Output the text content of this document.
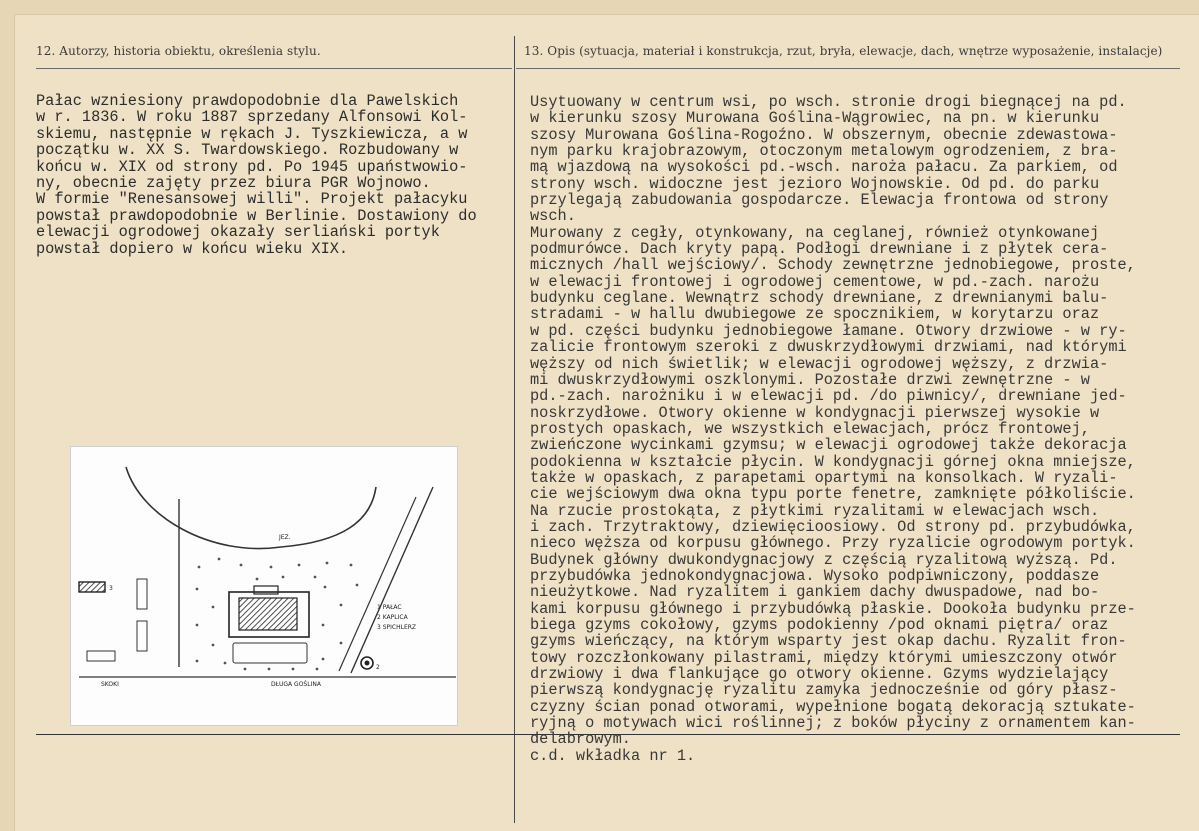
12. Autorzy, historia obiektu, określenia stylu.	13. Opis (sytuacja, materiał i konstrukcja, rzut, bryła, elewacje, dach, wnętrze wyposażenie, instalacje)
Pałac wzniesiony prawdopodobnie dla Pawelskich
w r. 1836. W roku 1887 sprzedany Alfonsowi Kol-
skiemu, następnie w rękach J. Tyszkiewicza, a w
początku w. XX S. Twardowskiego. Rozbudowany w
końcu w. XIX od strony pd. Po 1945 upaństwowio-
ny, obecnie zajęty przez biura PGR Wojnowo.
W formie "Renesansowej willi". Projekt pałacyku
powstał prawdopodobnie w Berlinie. Dostawiony do
elewacji ogrodowej okazały serliański portyk
powstał dopiero w końcu wieku XIX.
Usytuowany w centrum wsi, po wsch. stronie drogi biegnącej na pd.
w kierunku szosy Murowana Goślina-Wągrowiec, na pn. w kierunku
szosy Murowana Goślina-Rogoźno. W obszernym, obecnie zdewastowa-
nym parku krajobrazowym, otoczonym metalowym ogrodzeniem, z bra-
mą wjazdową na wysokości pd.-wsch. naroża pałacu. Za parkiem, od
strony wsch. widoczne jest jezioro Wojnowskie. Od pd. do parku
przylegają zabudowania gospodarcze. Elewacja frontowa od strony
wsch.
Murowany z cegły, otynkowany, na ceglanej, również otynkowanej
podmurówce. Dach kryty papą. Podłogi drewniane i z płytek cera-
micznych /hall wejściowy/. Schody zewnętrzne jednobiegowe, proste,
w elewacji frontowej i ogrodowej cementowe, w pd.-zach. narożu
budynku ceglane. Wewnątrz schody drewniane, z drewnianymi balu-
stradami - w hallu dwubiegowe ze spocznikiem, w korytarzu oraz
w pd. części budynku jednobiegowe łamane. Otwory drzwiowe - w ry-
zalicie frontowym szeroki z dwuskrzydłowymi drzwiami, nad którymi
węższy od nich świetlik; w elewacji ogrodowej węższy, z drzwia-
mi dwuskrzydłowymi oszklonymi. Pozostałe drzwi zewnętrzne - w
pd.-zach. narożniku i w elewacji pd. /do piwnicy/, drewniane jed-
noskrzydłowe. Otwory okienne w kondygnacji pierwszej wysokie w
prostych opaskach, we wszystkich elewacjach, prócz frontowej,
zwieńczone wycinkami gzymsu; w elewacji ogrodowej także dekoracja
podokienna w kształcie płycin. W kondygnacji górnej okna mniejsze,
także w opaskach, z parapetami opartymi na konsolkach. W ryzali-
cie wejściowym dwa okna typu porte fenetre, zamknięte półkoliście.
Na rzucie prostokąta, z płytkimi ryzalitami w elewacjach wsch.
i zach. Trzytraktowy, dziewięcioosiowy. Od strony pd. przybudówka,
nieco węższa od korpusu głównego. Przy ryzalicie ogrodowym portyk.
Budynek główny dwukondygnacjowy z częścią ryzalitową wyższą. Pd.
przybudówka jednokondygnacjowa. Wysoko podpiwniczony, poddasze
nieużytkowe. Nad ryzalitem i gankiem dachy dwuspadowe, nad bo-
kami korpusu głównego i przybudówką płaskie. Dookoła budynku prze-
biega gzyms cokołowy, gzyms podokienny /pod oknami piętra/ oraz
gzyms wieńczący, na którym wsparty jest okap dachu. Ryzalit fron-
towy rozczłonkowany pilastrami, między którymi umieszczony otwór
drzwiowy i dwa flankujące go otwory okienne. Gzyms wydzielający
pierwszą kondygnację ryzalitu zamyka jednocześnie od góry płasz-
czyzny ścian ponad otworami, wypełnione bogatą dekoracją sztukate-
ryjną o motywach wici roślinnej; z boków płyciny z ornamentem kan-
delabrowym.
c.d. wkładka nr 1.
JEZ.
SKOKI	DŁUGA GOŚLINA
3
2
1 PAŁAC
2 KAPLICA
3 SPICHLERZ
